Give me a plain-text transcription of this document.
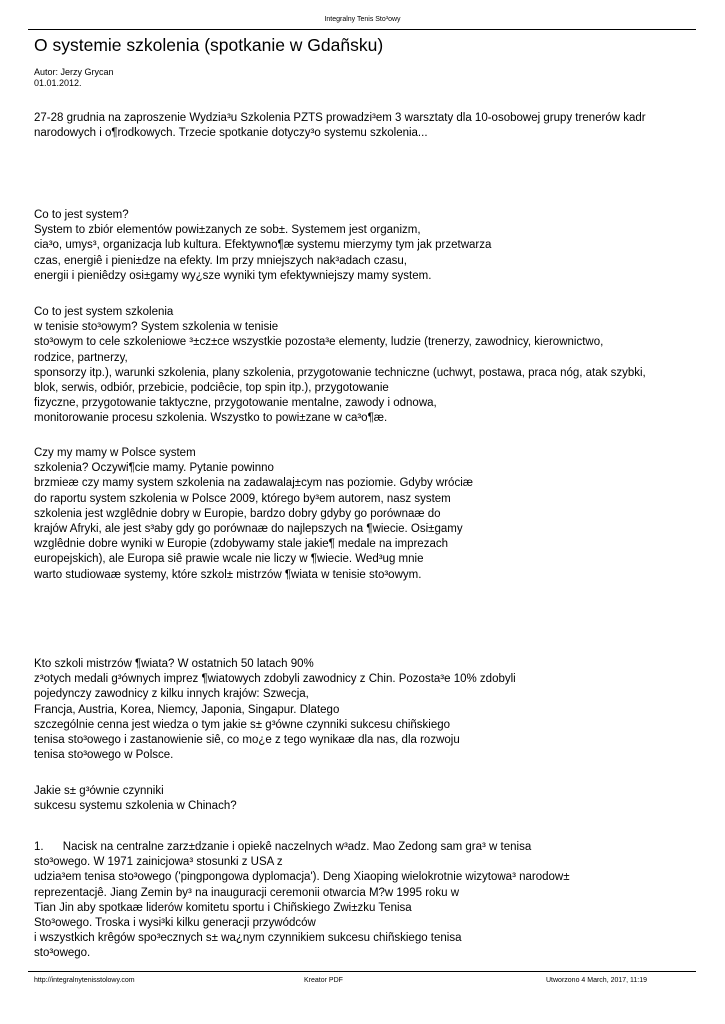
Integralny Tenis Sto³owy
O systemie szkolenia (spotkanie w Gdañsku)
Autor: Jerzy Grycan
01.01.2012.
27-28 grudnia na zaproszenie Wydzia³u Szkolenia PZTS prowadzi³em 3 warsztaty dla 10-osobowej grupy trenerów kadr
narodowych i o¶rodkowych. Trzecie spotkanie dotyczy³o systemu szkolenia...
Co to jest system?
System to zbiór elementów powi±zanych ze sob±. Systemem jest organizm,
cia³o, umys³, organizacja lub kultura. Efektywno¶æ systemu mierzymy tym jak przetwarza
czas, energiê i pieni±dze na efekty. Im przy mniejszych nak³adach czasu,
energii i pieniêdzy osi±gamy wy¿sze wyniki tym efektywniejszy mamy system.
Co to jest system szkolenia
w tenisie sto³owym? System szkolenia w tenisie
sto³owym to cele szkoleniowe ³±cz±ce wszystkie pozosta³e elementy, ludzie (trenerzy, zawodnicy, kierownictwo,
rodzice, partnerzy,
sponsorzy itp.), warunki szkolenia, plany szkolenia, przygotowanie techniczne (uchwyt, postawa, praca nóg, atak szybki,
blok, serwis, odbiór, przebicie, podciêcie, top spin itp.), przygotowanie
fizyczne, przygotowanie taktyczne, przygotowanie mentalne, zawody i odnowa,
monitorowanie procesu szkolenia. Wszystko to powi±zane w ca³o¶æ.
Czy my mamy w Polsce system
szkolenia? Oczywi¶cie mamy. Pytanie powinno
brzmieæ czy mamy system szkolenia na zadawalaj±cym nas poziomie. Gdyby wróciæ
do raportu system szkolenia w Polsce 2009, którego by³em autorem, nasz system
szkolenia jest wzglêdnie dobry w Europie, bardzo dobry gdyby go porównaæ do
krajów Afryki, ale jest s³aby gdy go porównaæ do najlepszych na ¶wiecie. Osi±gamy
wzglêdnie dobre wyniki w Europie (zdobywamy stale jakie¶ medale na imprezach
europejskich), ale Europa siê prawie wcale nie liczy w ¶wiecie. Wed³ug mnie
warto studiowaæ systemy, które szkol± mistrzów ¶wiata w tenisie sto³owym.
Kto szkoli mistrzów ¶wiata? W ostatnich 50 latach 90%
z³otych medali g³ównych imprez ¶wiatowych zdobyli zawodnicy z Chin. Pozosta³e 10% zdobyli
pojedynczy zawodnicy z kilku innych krajów: Szwecja,
Francja, Austria, Korea, Niemcy, Japonia, Singapur. Dlatego
szczególnie cenna jest wiedza o tym jakie s± g³ówne czynniki sukcesu chiñskiego
tenisa sto³owego i zastanowienie siê, co mo¿e z tego wynikaæ dla nas, dla rozwoju
tenisa sto³owego w Polsce.
Jakie s± g³ównie czynniki
sukcesu systemu szkolenia w Chinach?
1.      Nacisk na centralne zarz±dzanie i opiekê naczelnych w³adz. Mao Zedong sam gra³ w tenisa
sto³owego. W 1971 zainicjowa³ stosunki z USA z
udzia³em tenisa sto³owego ('pingpongowa dyplomacja'). Deng Xiaoping wielokrotnie wizytowa³ narodow±
reprezentacjê. Jiang Zemin by³ na inauguracji ceremonii otwarcia M?w 1995 roku w
Tian Jin aby spotkaæ liderów komitetu sportu i Chiñskiego Zwi±zku Tenisa
Sto³owego. Troska i wysi³ki kilku generacji przywódców
i wszystkich krêgów spo³ecznych s± wa¿nym czynnikiem sukcesu chiñskiego tenisa
sto³owego.
http://integralnytenisstolowy.com	Kreator PDF	Utworzono 4 March, 2017, 11:19
